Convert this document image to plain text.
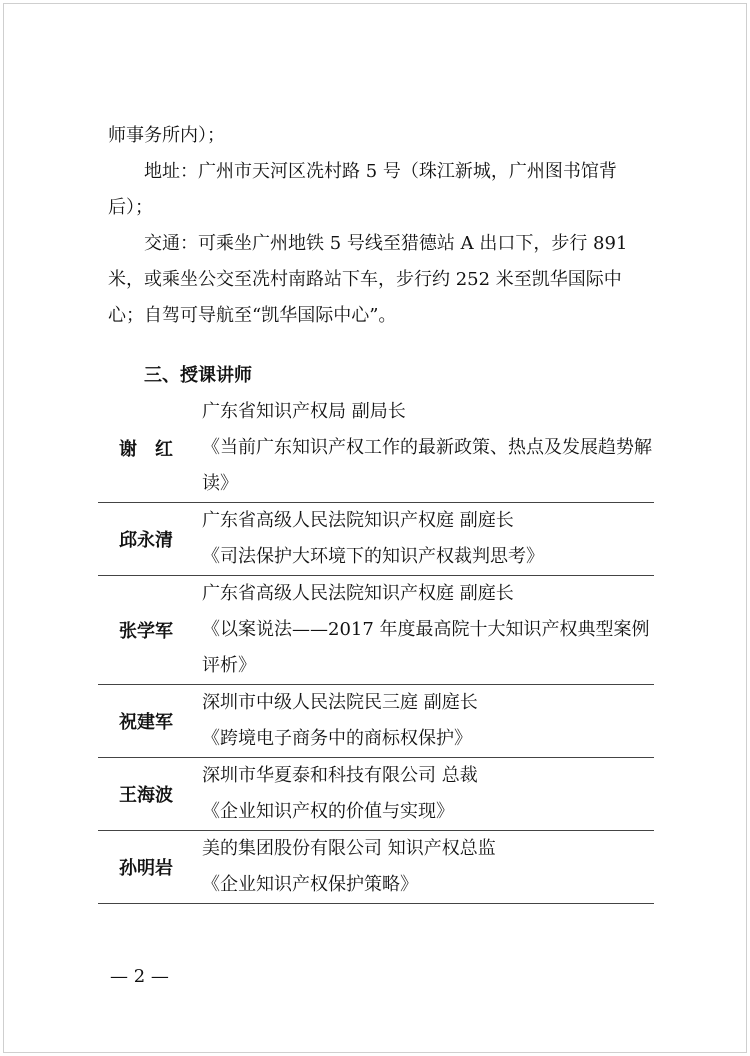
师事务所内）；

地址：广州市天河区冼村路 5 号（珠江新城，广州图书馆背后）；

交通：可乘坐广州地铁 5 号线至猎德站 A 出口下，步行 891 米，或乘坐公交至冼村南路站下车，步行约 252 米至凯华国际中心；自驾可导航至“凯华国际中心”。

三、授课讲师

谢　红

广东省知识产权局 副局长

《当前广东知识产权工作的最新政策、热点及发展趋势解读》

邱永清

广东省高级人民法院知识产权庭 副庭长

《司法保护大环境下的知识产权裁判思考》

张学军

广东省高级人民法院知识产权庭 副庭长

《以案说法——2017 年度最高院十大知识产权典型案例评析》

祝建军

深圳市中级人民法院民三庭 副庭长

《跨境电子商务中的商标权保护》

王海波

深圳市华夏泰和科技有限公司 总裁

《企业知识产权的价值与实现》

孙明岩

美的集团股份有限公司 知识产权总监

《企业知识产权保护策略》

— 2 —
